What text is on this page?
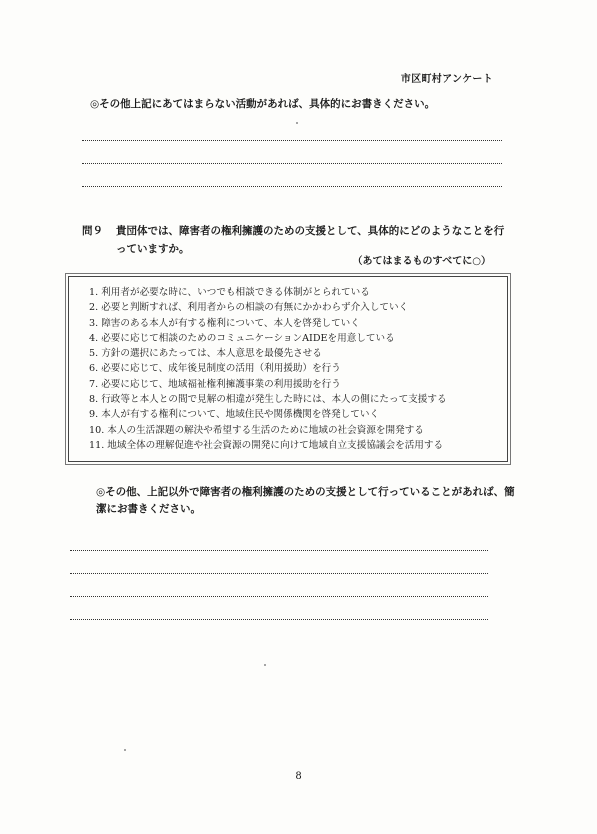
市区町村アンケート
◎その他上記にあてはまらない活動があれば、具体的にお書きください。
問９ 貴団体では、障害者の権利擁護のための支援として、具体的にどのようなことを行っていますか。
（あてはまるものすべてに○）
1. 利用者が必要な時に、いつでも相談できる体制がとられている
2. 必要と判断すれば、利用者からの相談の有無にかかわらず介入していく
3. 障害のある本人が有する権利について、本人を啓発していく
4. 必要に応じて相談のためのコミュニケーションAIDEを用意している
5. 方針の選択にあたっては、本人意思を最優先させる
6. 必要に応じて、成年後見制度の活用（利用援助）を行う
7. 必要に応じて、地域福祉権利擁護事業の利用援助を行う
8. 行政等と本人との間で見解の相違が発生した時には、本人の側にたって支援する
9. 本人が有する権利について、地域住民や関係機関を啓発していく
10. 本人の生活課題の解決や希望する生活のために地域の社会資源を開発する
11. 地域全体の理解促進や社会資源の開発に向けて地域自立支援協議会を活用する
◎その他、上記以外で障害者の権利擁護のための支援として行っていることがあれば、簡潔にお書きください。
8
